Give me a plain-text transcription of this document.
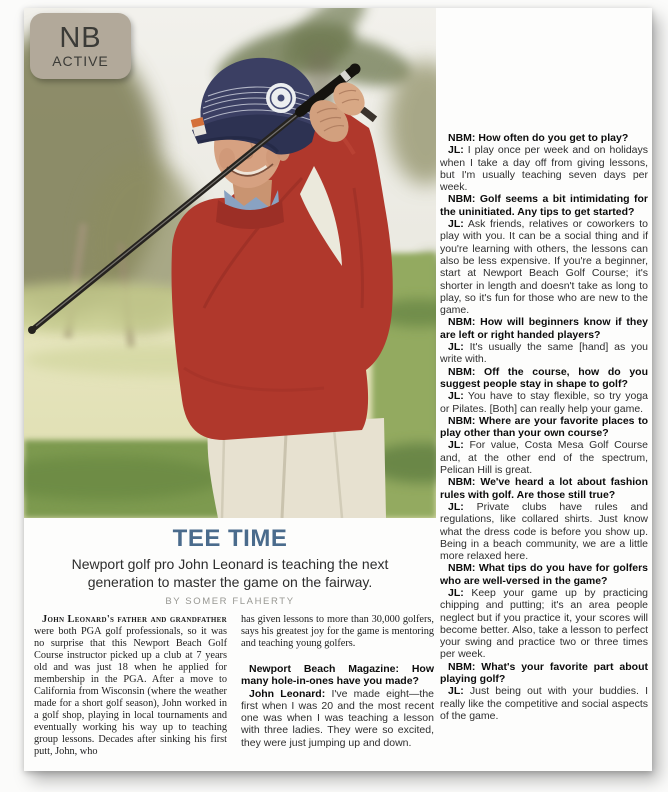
NB
ACTIVE
TEE TIME

Newport golf pro John Leonard is teaching the next generation to master the game on the fairway.

BY SOMER FLAHERTY

John Leonard's father and grandfather were both PGA golf professionals, so it was no surprise that this Newport Beach Golf Course instructor picked up a club at 7 years old and was just 18 when he applied for membership in the PGA. After a move to California from Wisconsin (where the weather made for a short golf season), John worked in a golf shop, playing in local tournaments and eventually working his way up to teaching group lessons. Decades after sinking his first putt, John, who

has given lessons to more than 30,000 golfers, says his greatest joy for the game is mentoring and teaching young golfers.

Newport Beach Magazine: How many hole-in-ones have you made?

John Leonard: I've made eight—the first when I was 20 and the most recent one was when I was teaching a lesson with three ladies. They were so excited, they were just jumping up and down.

NBM: How often do you get to play?

JL: I play once per week and on holidays when I take a day off from giving lessons, but I'm usually teaching seven days per week.

NBM: Golf seems a bit intimidating for the uninitiated. Any tips to get started?

JL: Ask friends, relatives or coworkers to play with you. It can be a social thing and if you're learning with others, the lessons can also be less expensive. If you're a beginner, start at Newport Beach Golf Course; it's shorter in length and doesn't take as long to play, so it's fun for those who are new to the game.

NBM: How will beginners know if they are left or right handed players?

JL: It's usually the same [hand] as you write with.

NBM: Off the course, how do you suggest people stay in shape to golf?

JL: You have to stay flexible, so try yoga or Pilates. [Both] can really help your game.

NBM: Where are your favorite places to play other than your own course?

JL: For value, Costa Mesa Golf Course and, at the other end of the spectrum, Pelican Hill is great.

NBM: We've heard a lot about fashion rules with golf. Are those still true?

JL: Private clubs have rules and regulations, like collared shirts. Just know what the dress code is before you show up. Being in a beach community, we are a little more relaxed here.

NBM: What tips do you have for golfers who are well-versed in the game?

JL: Keep your game up by practicing chipping and putting; it's an area people neglect but if you practice it, your scores will become better. Also, take a lesson to perfect your swing and practice two or three times per week.

NBM: What's your favorite part about playing golf?

JL: Just being out with your buddies. I really like the competitive and social aspects of the game.
